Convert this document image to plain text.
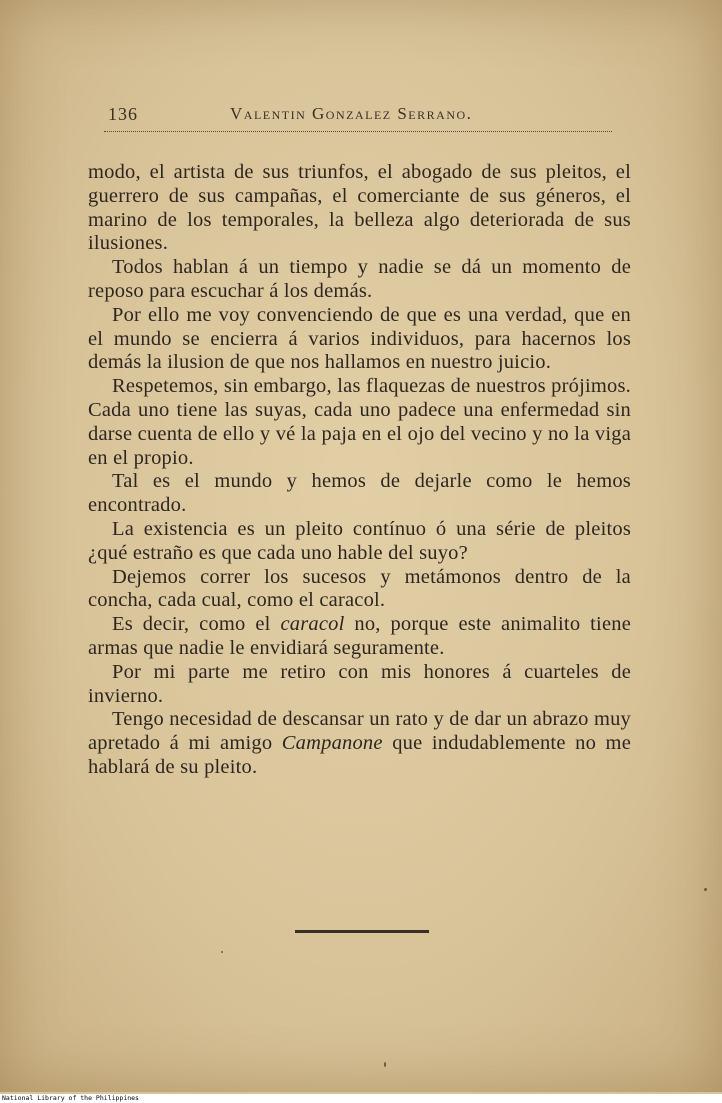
136	Valentin Gonzalez Serrano.

modo, el artista de sus triunfos, el abogado de sus pleitos, el guerrero de sus campañas, el comerciante de sus géneros, el marino de los temporales, la belleza algo deteriorada de sus ilusiones.

Todos hablan á un tiempo y nadie se dá un momento de reposo para escuchar á los demás.

Por ello me voy convenciendo de que es una verdad, que en el mundo se encierra á varios individuos, para hacernos los demás la ilusion de que nos hallamos en nuestro juicio.

Respetemos, sin embargo, las flaquezas de nuestros prójimos. Cada uno tiene las suyas, cada uno padece una enfermedad sin darse cuenta de ello y vé la paja en el ojo del vecino y no la viga en el propio.

Tal es el mundo y hemos de dejarle como le hemos encontrado.

La existencia es un pleito contínuo ó una série de pleitos ¿qué estraño es que cada uno hable del suyo?

Dejemos correr los sucesos y metámonos dentro de la concha, cada cual, como el caracol.

Es decir, como el caracol no, porque este animalito tiene armas que nadie le envidiará seguramente.

Por mi parte me retiro con mis honores á cuarteles de invierno.

Tengo necesidad de descansar un rato y de dar un abrazo muy apretado á mi amigo Campanone que indudablemente no me hablará de su pleito.

National Library of the Philippines
